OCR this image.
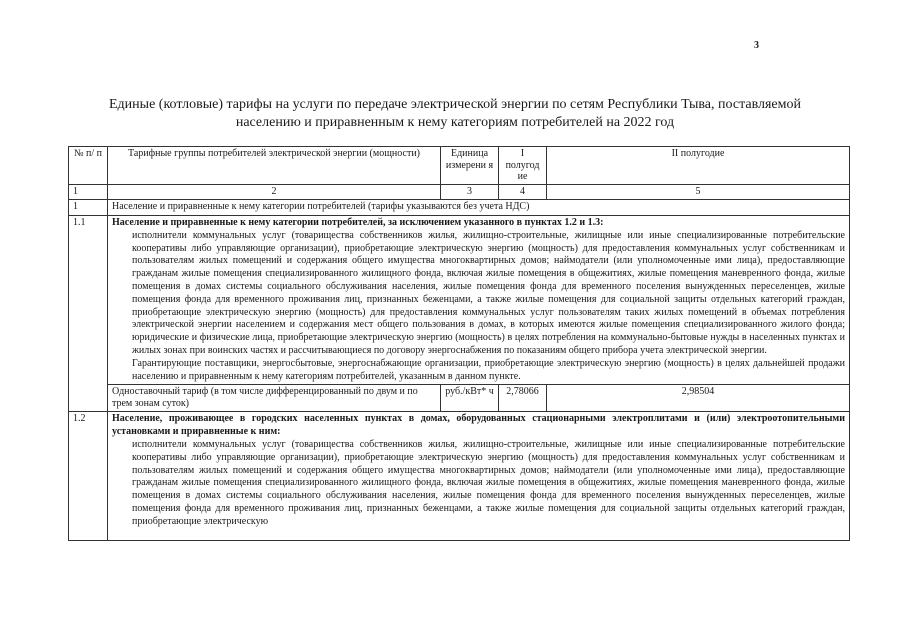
3
Единые (котловые) тарифы на услуги по передаче электрической энергии по сетям Республики Тыва, поставляемой
населению и приравненным к нему категориям потребителей на 2022 год
№ п/ п	Тарифные группы потребителей электрической энергии (мощности)	Единица измерени я	I полугод ие	II полугодие
1	2	3	4	5
1	Население и приравненные к нему категории потребителей (тарифы указываются без учета НДС)			
1.1	Население и приравненные к нему категории потребителей, за исключением указанного в пунктах 1.2 и 1.3:

исполнители коммунальных услуг (товарищества собственников жилья, жилищно-строительные, жилищные или иные специализированные потребительские кооперативы либо управляющие организации), приобретающие электрическую энергию (мощность) для предоставления коммунальных услуг собственникам и пользователям жилых помещений и содержания общего имущества многоквартирных домов; наймодатели (или уполномоченные ими лица), предоставляющие гражданам жилые помещения специализированного жилищного фонда, включая жилые помещения в общежитиях, жилые помещения маневренного фонда, жилые помещения в домах системы социального обслуживания населения, жилые помещения фонда для временного поселения вынужденных переселенцев, жилые помещения фонда для временного проживания лиц, признанных беженцами, а также жилые помещения для социальной защиты отдельных категорий граждан, приобретающие электрическую энергию (мощность) для предоставления коммунальных услуг пользователям таких жилых помещений в объемах потребления электрической энергии населением и содержания мест общего пользования в домах, в которых имеются жилые помещения специализированного жилого фонда; юридические и физические лица, приобретающие электрическую энергию (мощность) в целях потребления на коммунально-бытовые нужды в населенных пунктах и жилых зонах при воинских частях и рассчитывающиеся по договору энергоснабжения по показаниям общего прибора учета электрической энергии.

Гарантирующие поставщики, энергосбытовые, энергоснабжающие организации, приобретающие электрическую энергию (мощность) в целях дальнейшей продажи населению и приравненным к нему категориям потребителей, указанным в данном пункте.			

	Одноставочный тариф (в том числе дифференцированный по двум и по трем зонам суток)	руб./кВт* ч	2,78066	2,98504
1.2	Население, проживающее в городских населенных пунктах в домах, оборудованных стационарными электроплитами и (или) электроотопительными установками и приравненные к ним:

исполнители коммунальных услуг (товарищества собственников жилья, жилищно-строительные, жилищные или иные специализированные потребительские кооперативы либо управляющие организации), приобретающие электрическую энергию (мощность) для предоставления коммунальных услуг собственникам и пользователям жилых помещений и содержания общего имущества многоквартирных домов; наймодатели (или уполномоченные ими лица), предоставляющие гражданам жилые помещения специализированного жилищного фонда, включая жилые помещения в общежитиях, жилые помещения маневренного фонда, жилые помещения в домах системы социального обслуживания населения, жилые помещения фонда для временного поселения вынужденных переселенцев, жилые помещения фонда для временного проживания лиц, признанных беженцами, а также жилые помещения для социальной защиты отдельных категорий граждан, приобретающие электрическую			
